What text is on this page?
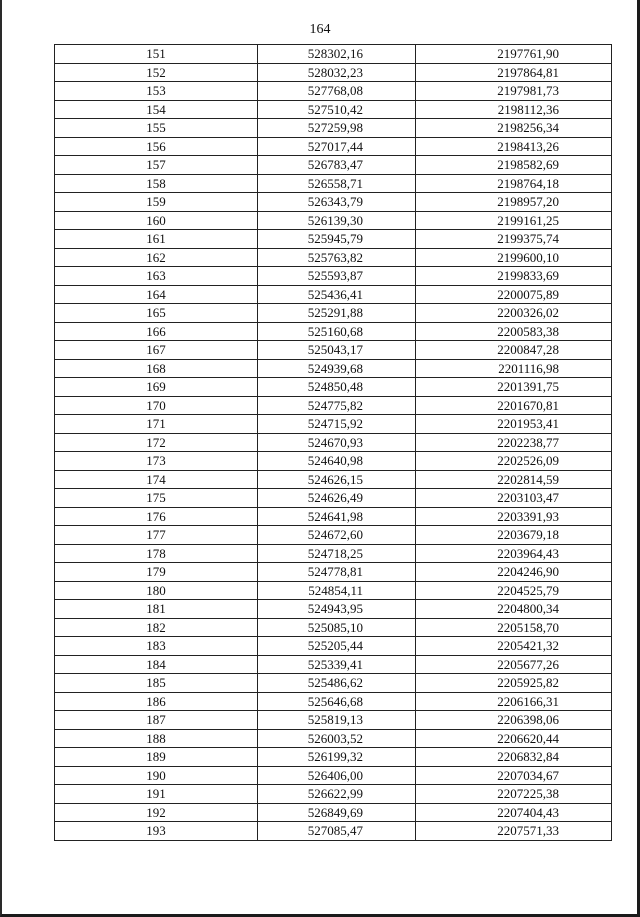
164
151	528302,16	2197761,90
152	528032,23	2197864,81
153	527768,08	2197981,73
154	527510,42	2198112,36
155	527259,98	2198256,34
156	527017,44	2198413,26
157	526783,47	2198582,69
158	526558,71	2198764,18
159	526343,79	2198957,20
160	526139,30	2199161,25
161	525945,79	2199375,74
162	525763,82	2199600,10
163	525593,87	2199833,69
164	525436,41	2200075,89
165	525291,88	2200326,02
166	525160,68	2200583,38
167	525043,17	2200847,28
168	524939,68	2201116,98
169	524850,48	2201391,75
170	524775,82	2201670,81
171	524715,92	2201953,41
172	524670,93	2202238,77
173	524640,98	2202526,09
174	524626,15	2202814,59
175	524626,49	2203103,47
176	524641,98	2203391,93
177	524672,60	2203679,18
178	524718,25	2203964,43
179	524778,81	2204246,90
180	524854,11	2204525,79
181	524943,95	2204800,34
182	525085,10	2205158,70
183	525205,44	2205421,32
184	525339,41	2205677,26
185	525486,62	2205925,82
186	525646,68	2206166,31
187	525819,13	2206398,06
188	526003,52	2206620,44
189	526199,32	2206832,84
190	526406,00	2207034,67
191	526622,99	2207225,38
192	526849,69	2207404,43
193	527085,47	2207571,33
